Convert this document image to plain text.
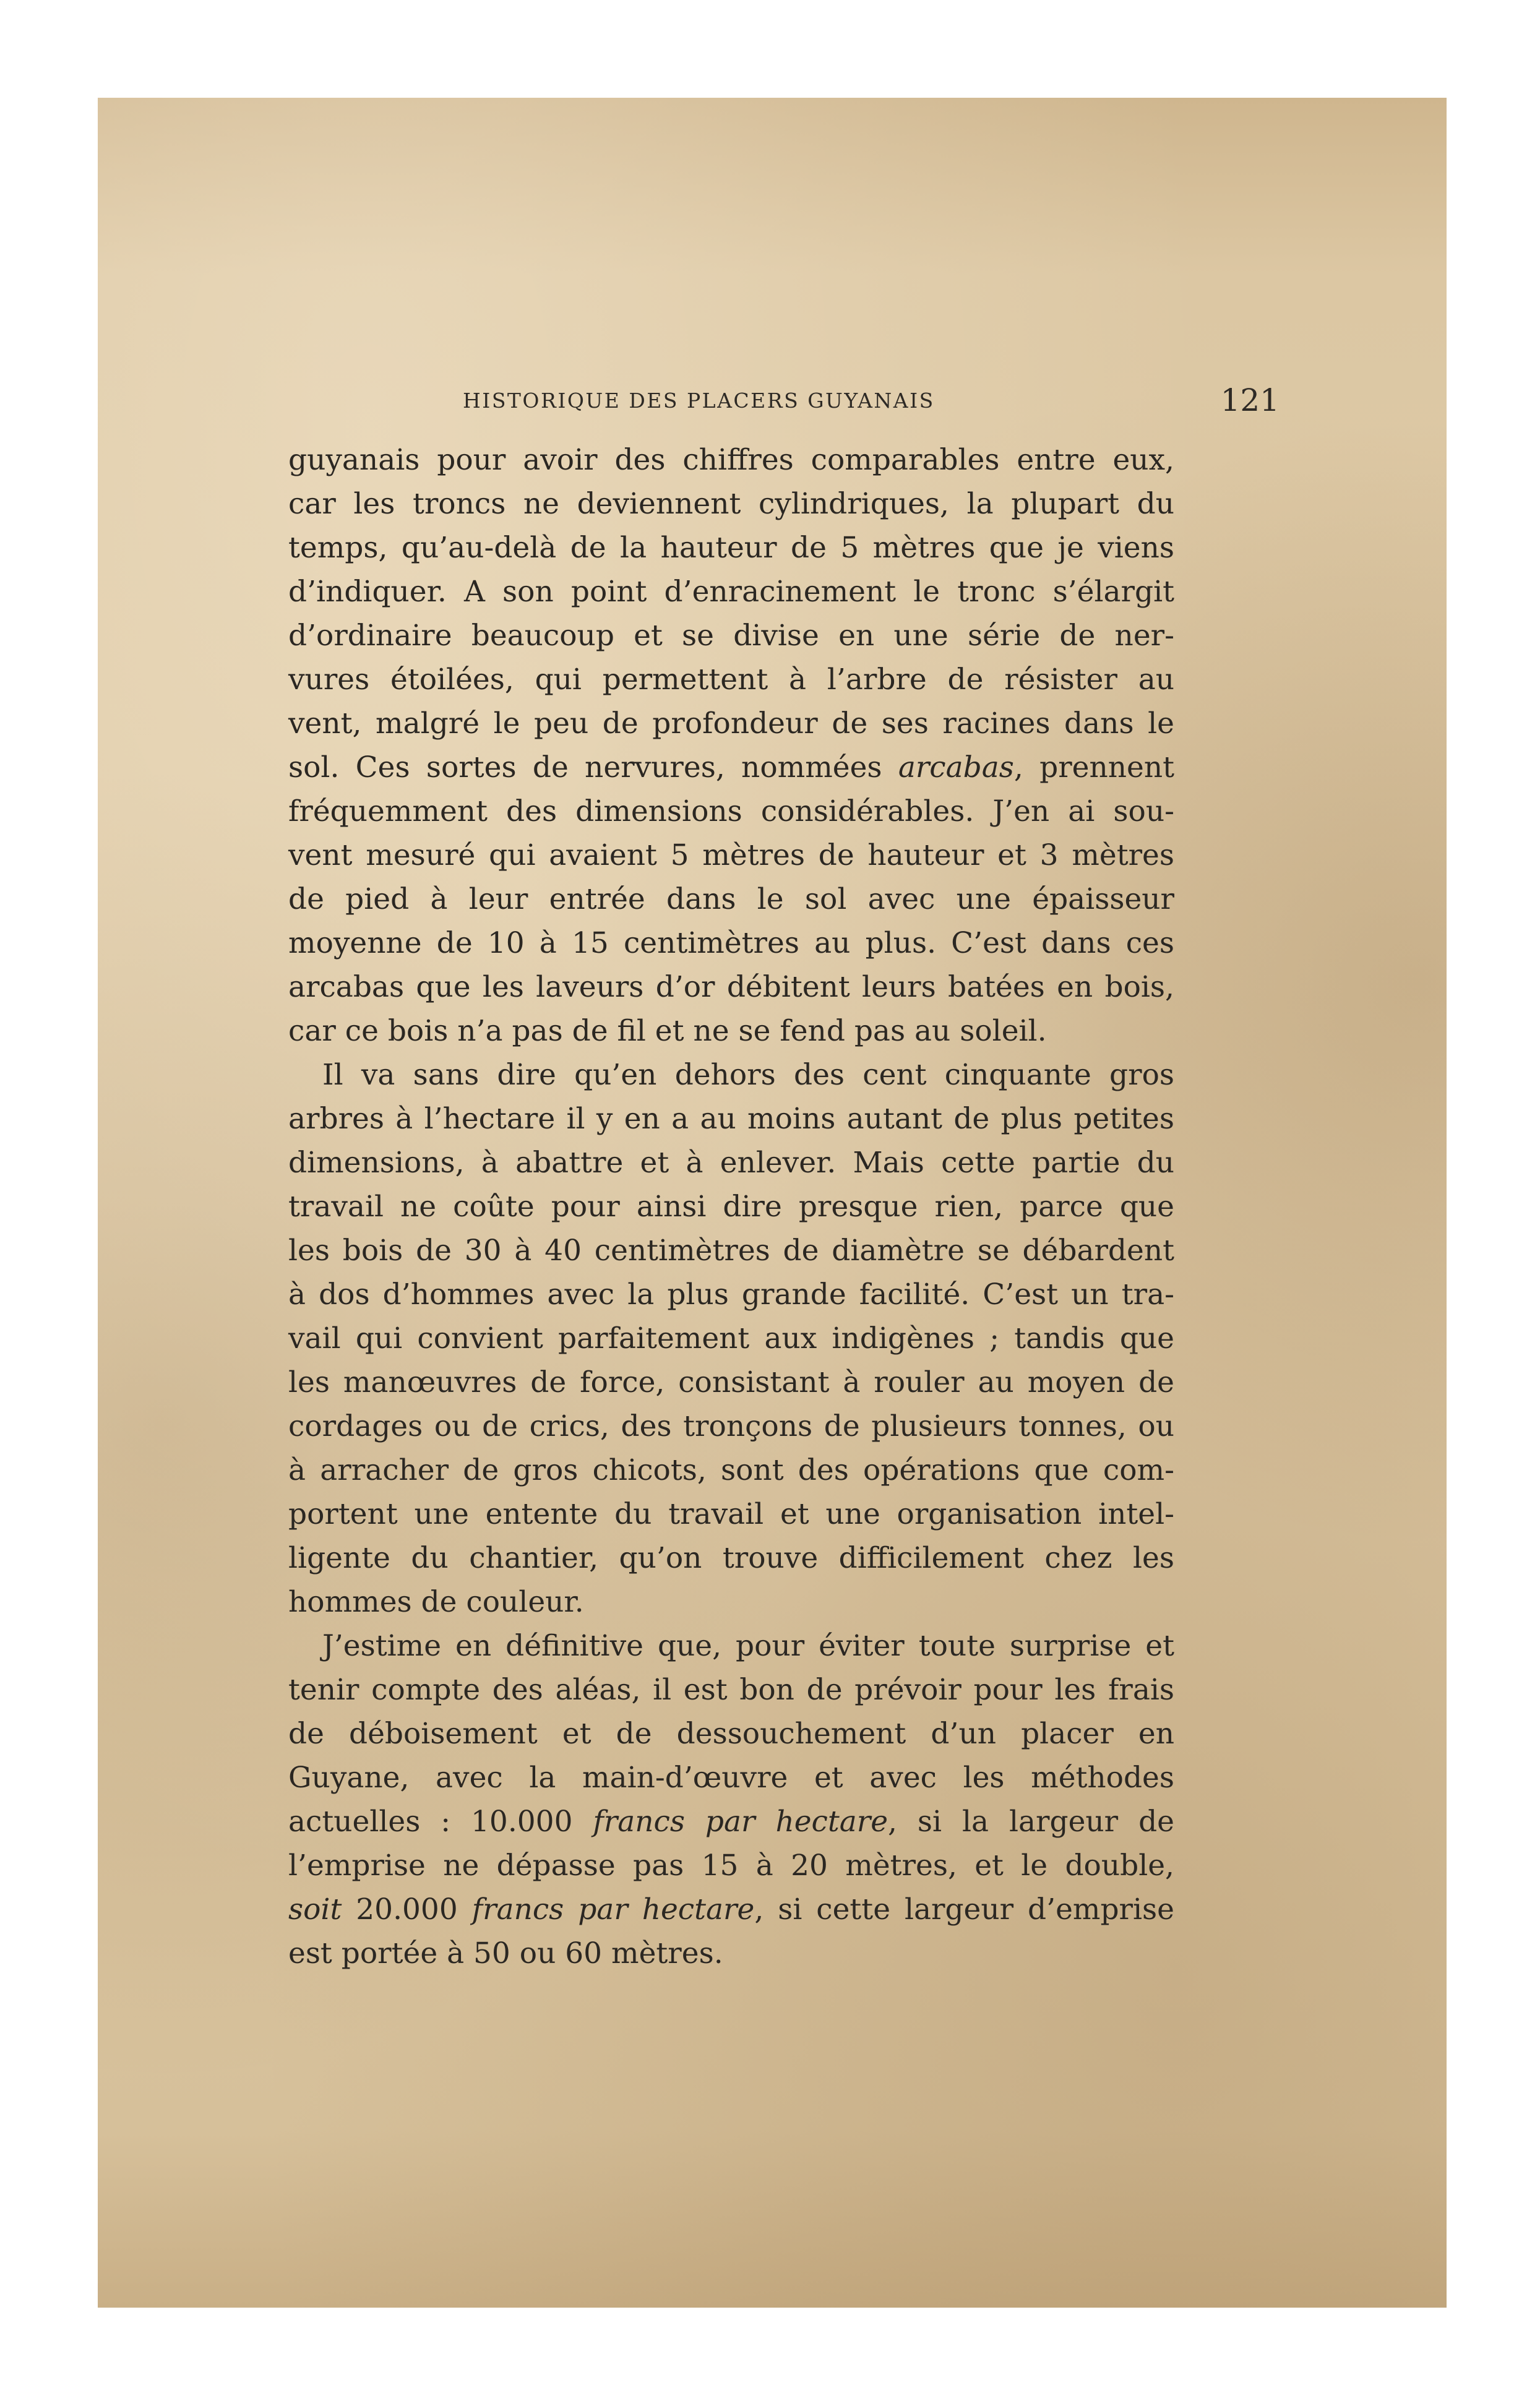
HISTORIQUE DES PLACERS GUYANAIS	121

guyanais pour avoir des chiffres comparables entre eux,
car les troncs ne deviennent cylindriques, la plupart du
temps, qu’au-delà de la hauteur de 5 mètres que je viens
d’indiquer. A son point d’enracinement le tronc s’élargit
d’ordinaire beaucoup et se divise en une série de ner-
vures étoilées, qui permettent à l’arbre de résister au
vent, malgré le peu de profondeur de ses racines dans le
sol. Ces sortes de nervures, nommées arcabas, prennent
fréquemment des dimensions considérables. J’en ai sou-
vent mesuré qui avaient 5 mètres de hauteur et 3 mètres
de pied à leur entrée dans le sol avec une épaisseur
moyenne de 10 à 15 centimètres au plus. C’est dans ces
arcabas que les laveurs d’or débitent leurs batées en bois,
car ce bois n’a pas de fil et ne se fend pas au soleil.

Il va sans dire qu’en dehors des cent cinquante gros
arbres à l’hectare il y en a au moins autant de plus petites
dimensions, à abattre et à enlever. Mais cette partie du
travail ne coûte pour ainsi dire presque rien, parce que
les bois de 30 à 40 centimètres de diamètre se débardent
à dos d’hommes avec la plus grande facilité. C’est un tra-
vail qui convient parfaitement aux indigènes ; tandis que
les manœuvres de force, consistant à rouler au moyen de
cordages ou de crics, des tronçons de plusieurs tonnes, ou
à arracher de gros chicots, sont des opérations que com-
portent une entente du travail et une organisation intel-
ligente du chantier, qu’on trouve difficilement chez les
hommes de couleur.

J’estime en définitive que, pour éviter toute surprise et
tenir compte des aléas, il est bon de prévoir pour les frais
de déboisement et de dessouchement d’un placer en
Guyane, avec la main-d’œuvre et avec les méthodes
actuelles : 10.000 francs par hectare, si la largeur de
l’emprise ne dépasse pas 15 à 20 mètres, et le double,
soit 20.000 francs par hectare, si cette largeur d’emprise
est portée à 50 ou 60 mètres.
